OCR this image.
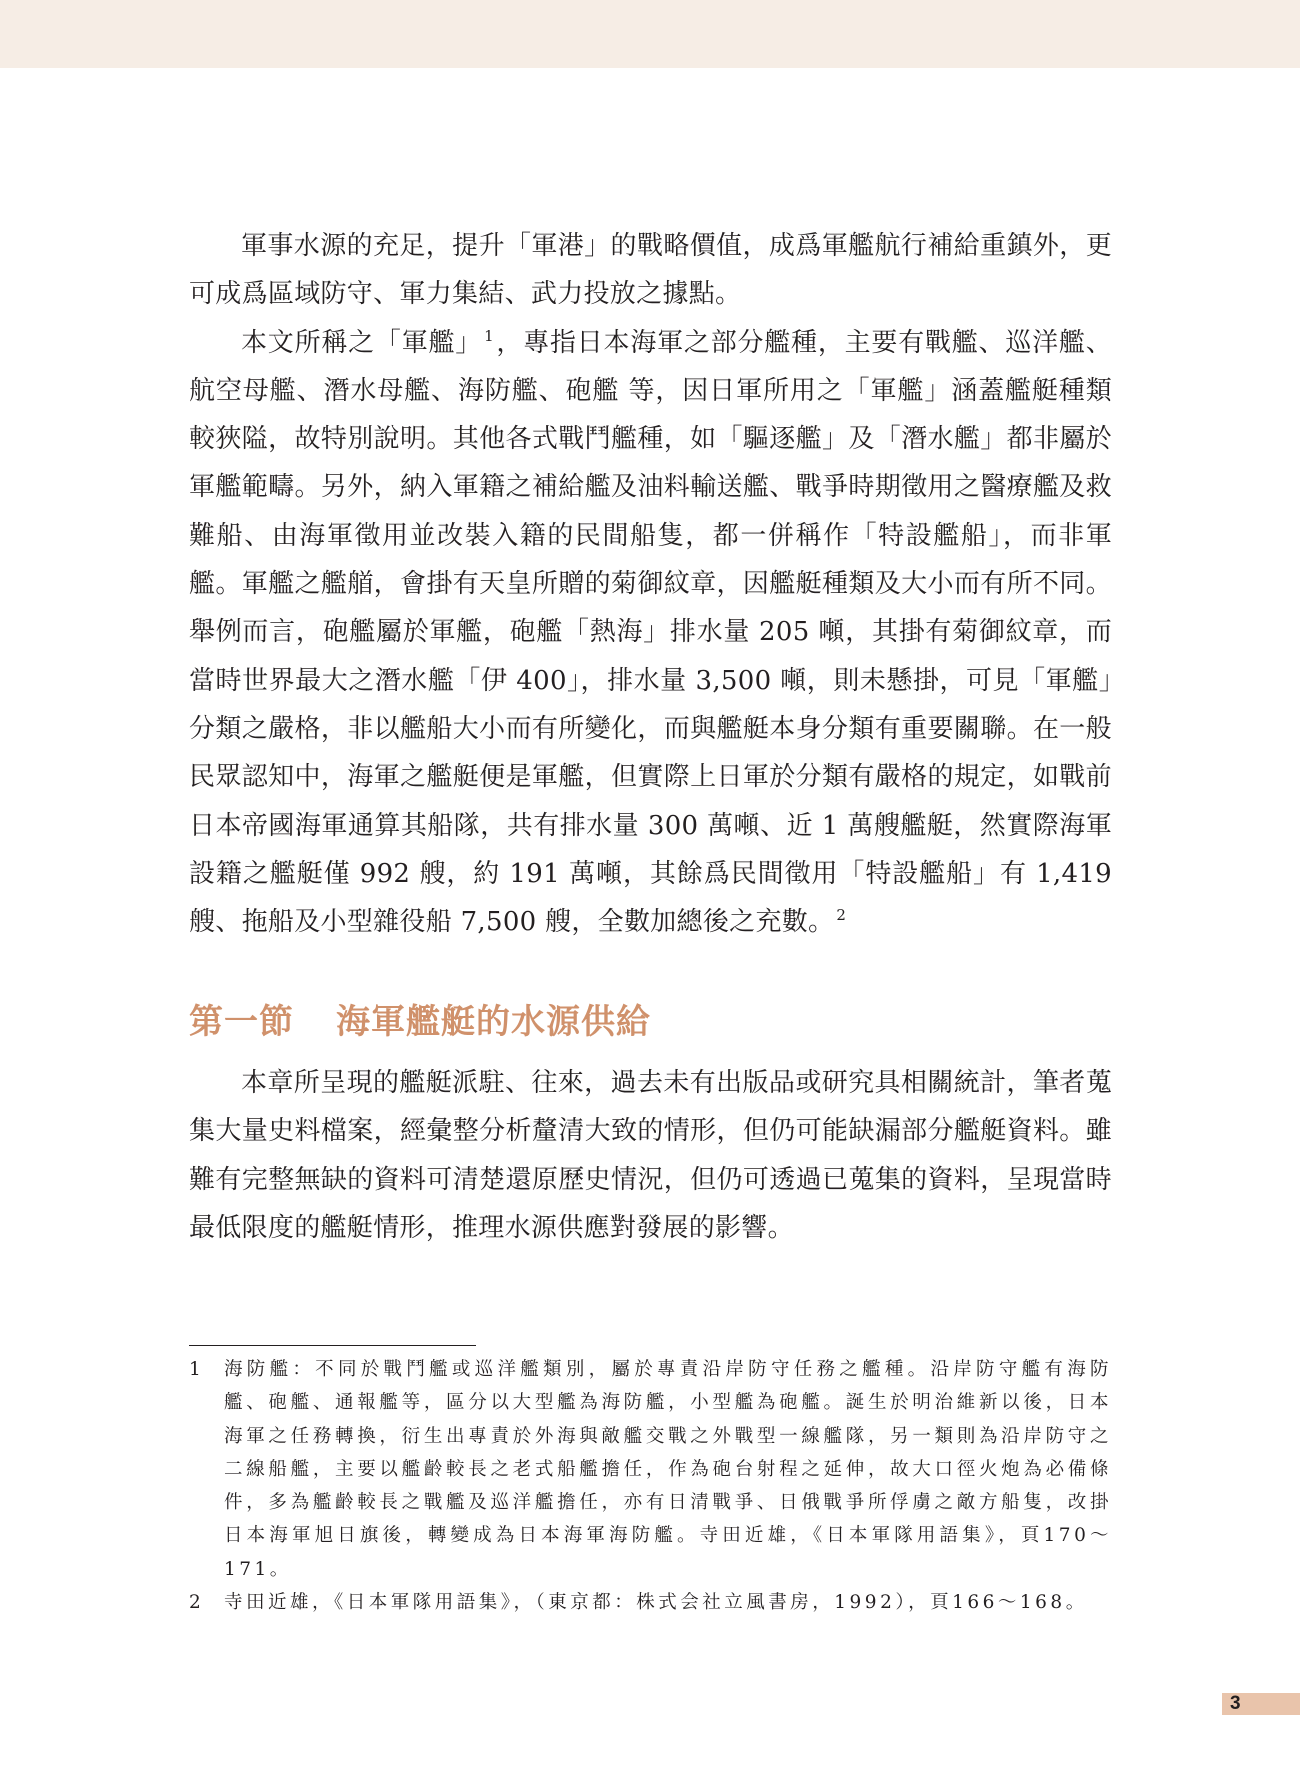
軍事水源的充足，提升「軍港」的戰略價值，成爲軍艦航行補給重鎮外，更可成爲區域防守、軍力集結、武力投放之據點。

本文所稱之「軍艦」 $^1$，專指日本海軍之部分艦種，主要有戰艦、巡洋艦、航空母艦、潛水母艦、海防艦、砲艦 等，因日軍所用之「軍艦」涵蓋艦艇種類較狹隘，故特別說明。其他各式戰鬥艦種，如「驅逐艦」及「潛水艦」都非屬於軍艦範疇。另外，納入軍籍之補給艦及油料輸送艦、戰爭時期徵用之醫療艦及救難船、由海軍徵用並改裝入籍的民間船隻，都一併稱作「特設艦船」，而非軍艦。軍艦之艦艏，會掛有天皇所贈的菊御紋章，因艦艇種類及大小而有所不同。舉例而言，砲艦屬於軍艦，砲艦「熱海」排水量 205 噸，其掛有菊御紋章，而當時世界最大之潛水艦「伊 400」，排水量 3,500 噸，則未懸掛，可見「軍艦」分類之嚴格，非以艦船大小而有所變化，而與艦艇本身分類有重要關聯。在一般民眾認知中，海軍之艦艇便是軍艦，但實際上日軍於分類有嚴格的規定，如戰前日本帝國海軍通算其船隊，共有排水量 300 萬噸、近 1 萬艘艦艇，然實際海軍設籍之艦艇僅 992 艘，約 191 萬噸，其餘爲民間徵用「特設艦船」有 1,419 艘、拖船及小型雜役船 7,500 艘，全數加總後之充數。 $^2$

第一節 海軍艦艇的水源供給

本章所呈現的艦艇派駐、往來，過去未有出版品或研究具相關統計，筆者蒐集大量史料檔案，經彙整分析釐清大致的情形，但仍可能缺漏部分艦艇資料。雖難有完整無缺的資料可清楚還原歷史情況，但仍可透過已蒐集的資料，呈現當時最低限度的艦艇情形，推理水源供應對發展的影響。

1 海防艦：不同於戰鬥艦或巡洋艦類別，屬於專責沿岸防守任務之艦種。沿岸防守艦有海防艦、砲艦、通報艦等，區分以大型艦為海防艦，小型艦為砲艦。誕生於明治維新以後，日本海軍之任務轉換，衍生出專責於外海與敵艦交戰之外戰型一線艦隊，另一類則為沿岸防守之二線船艦，主要以艦齡較長之老式船艦擔任，作為砲台射程之延伸，故大口徑火炮為必備條件，多為艦齡較長之戰艦及巡洋艦擔任，亦有日清戰爭、日俄戰爭所俘虜之敵方船隻，改掛日本海軍旭日旗後，轉變成為日本海軍海防艦。寺田近雄，《日本軍隊用語集》，頁170～171。

2 寺田近雄，《日本軍隊用語集》，（東京都：株式会社立風書房，1992），頁166～168。

3
